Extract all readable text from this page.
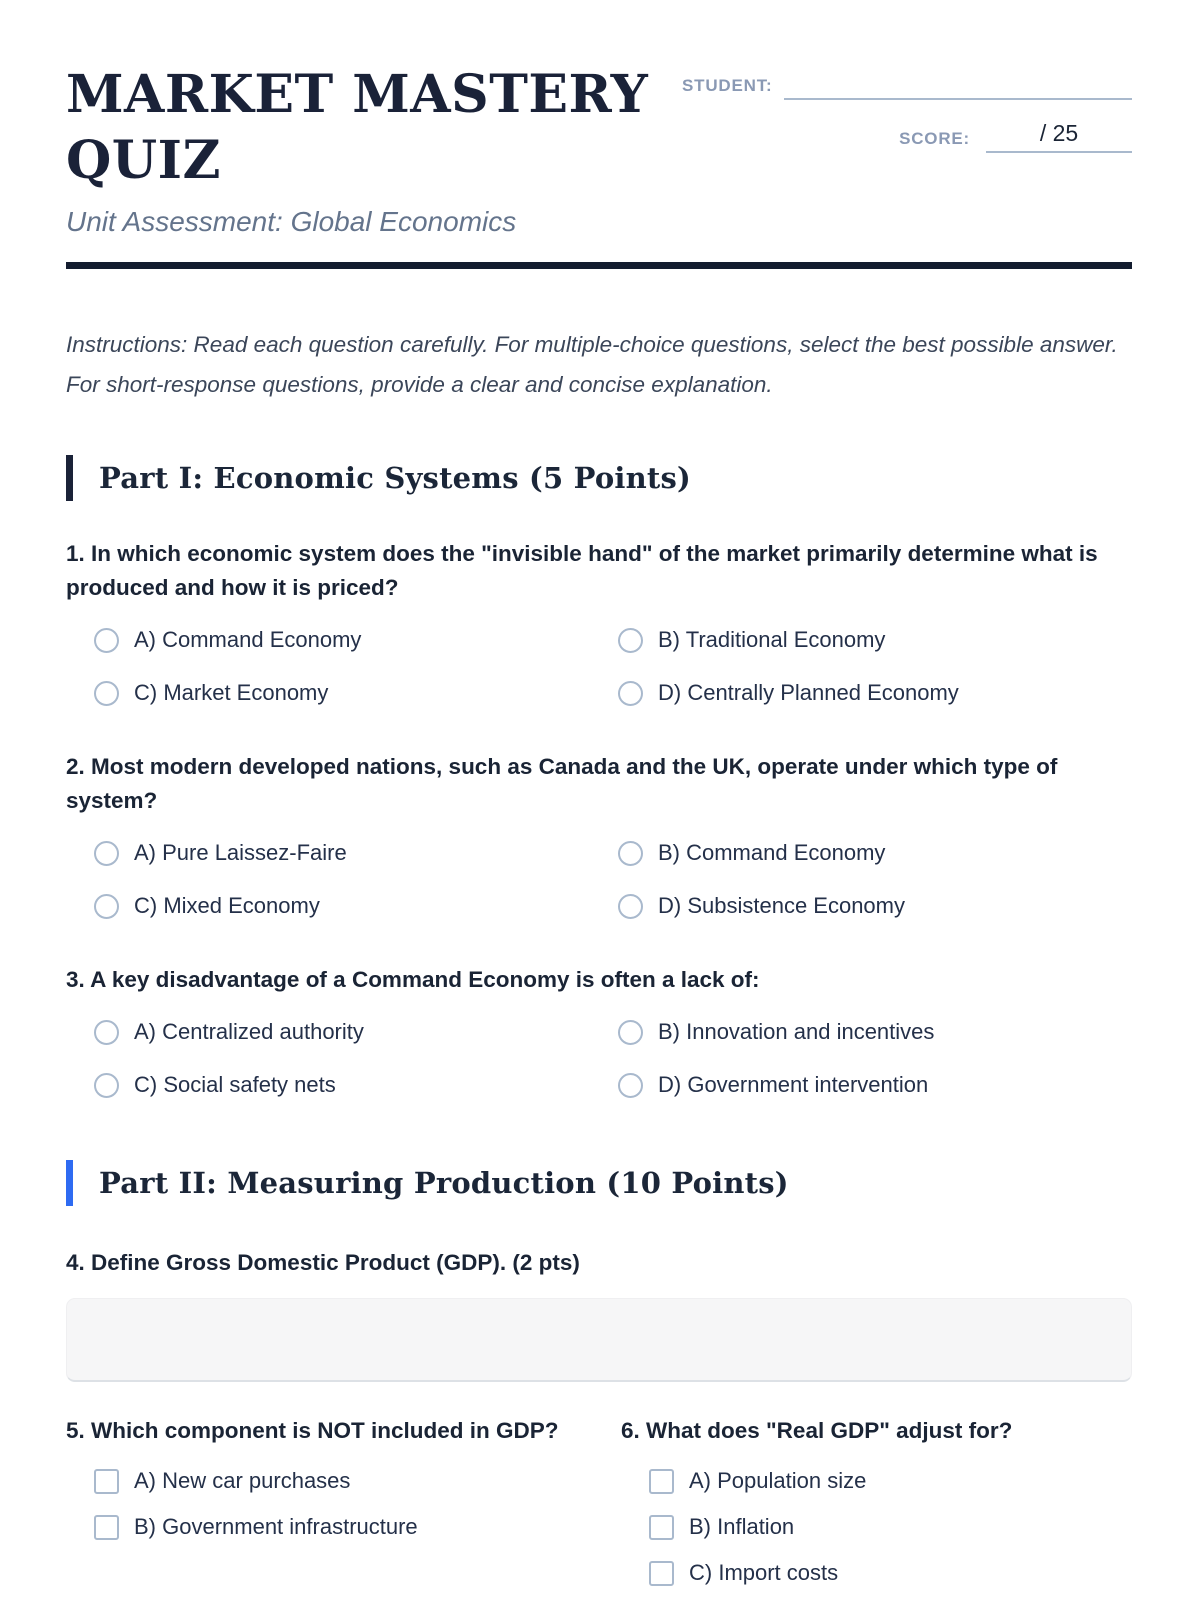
MARKET MASTERY
QUIZ
Unit Assessment: Global Economics
STUDENT:
SCORE:	/ 25

Instructions: Read each question carefully. For multiple-choice questions, select the best possible answer. For short-response questions, provide a clear and concise explanation.

Part I: Economic Systems (5 Points)
1. In which economic system does the "invisible hand" of the market primarily determine what is produced and how it is priced?
A) Command Economy	B) Traditional Economy
C) Market Economy	D) Centrally Planned Economy
2. Most modern developed nations, such as Canada and the UK, operate under which type of system?
A) Pure Laissez-Faire	B) Command Economy
C) Mixed Economy	D) Subsistence Economy
3. A key disadvantage of a Command Economy is often a lack of:
A) Centralized authority	B) Innovation and incentives
C) Social safety nets	D) Government intervention
Part II: Measuring Production (10 Points)
4. Define Gross Domestic Product (GDP). (2 pts)
5. Which component is NOT included in GDP?
A) New car purchases
B) Government infrastructure
6. What does "Real GDP" adjust for?
A) Population size
B) Inflation
C) Import costs
